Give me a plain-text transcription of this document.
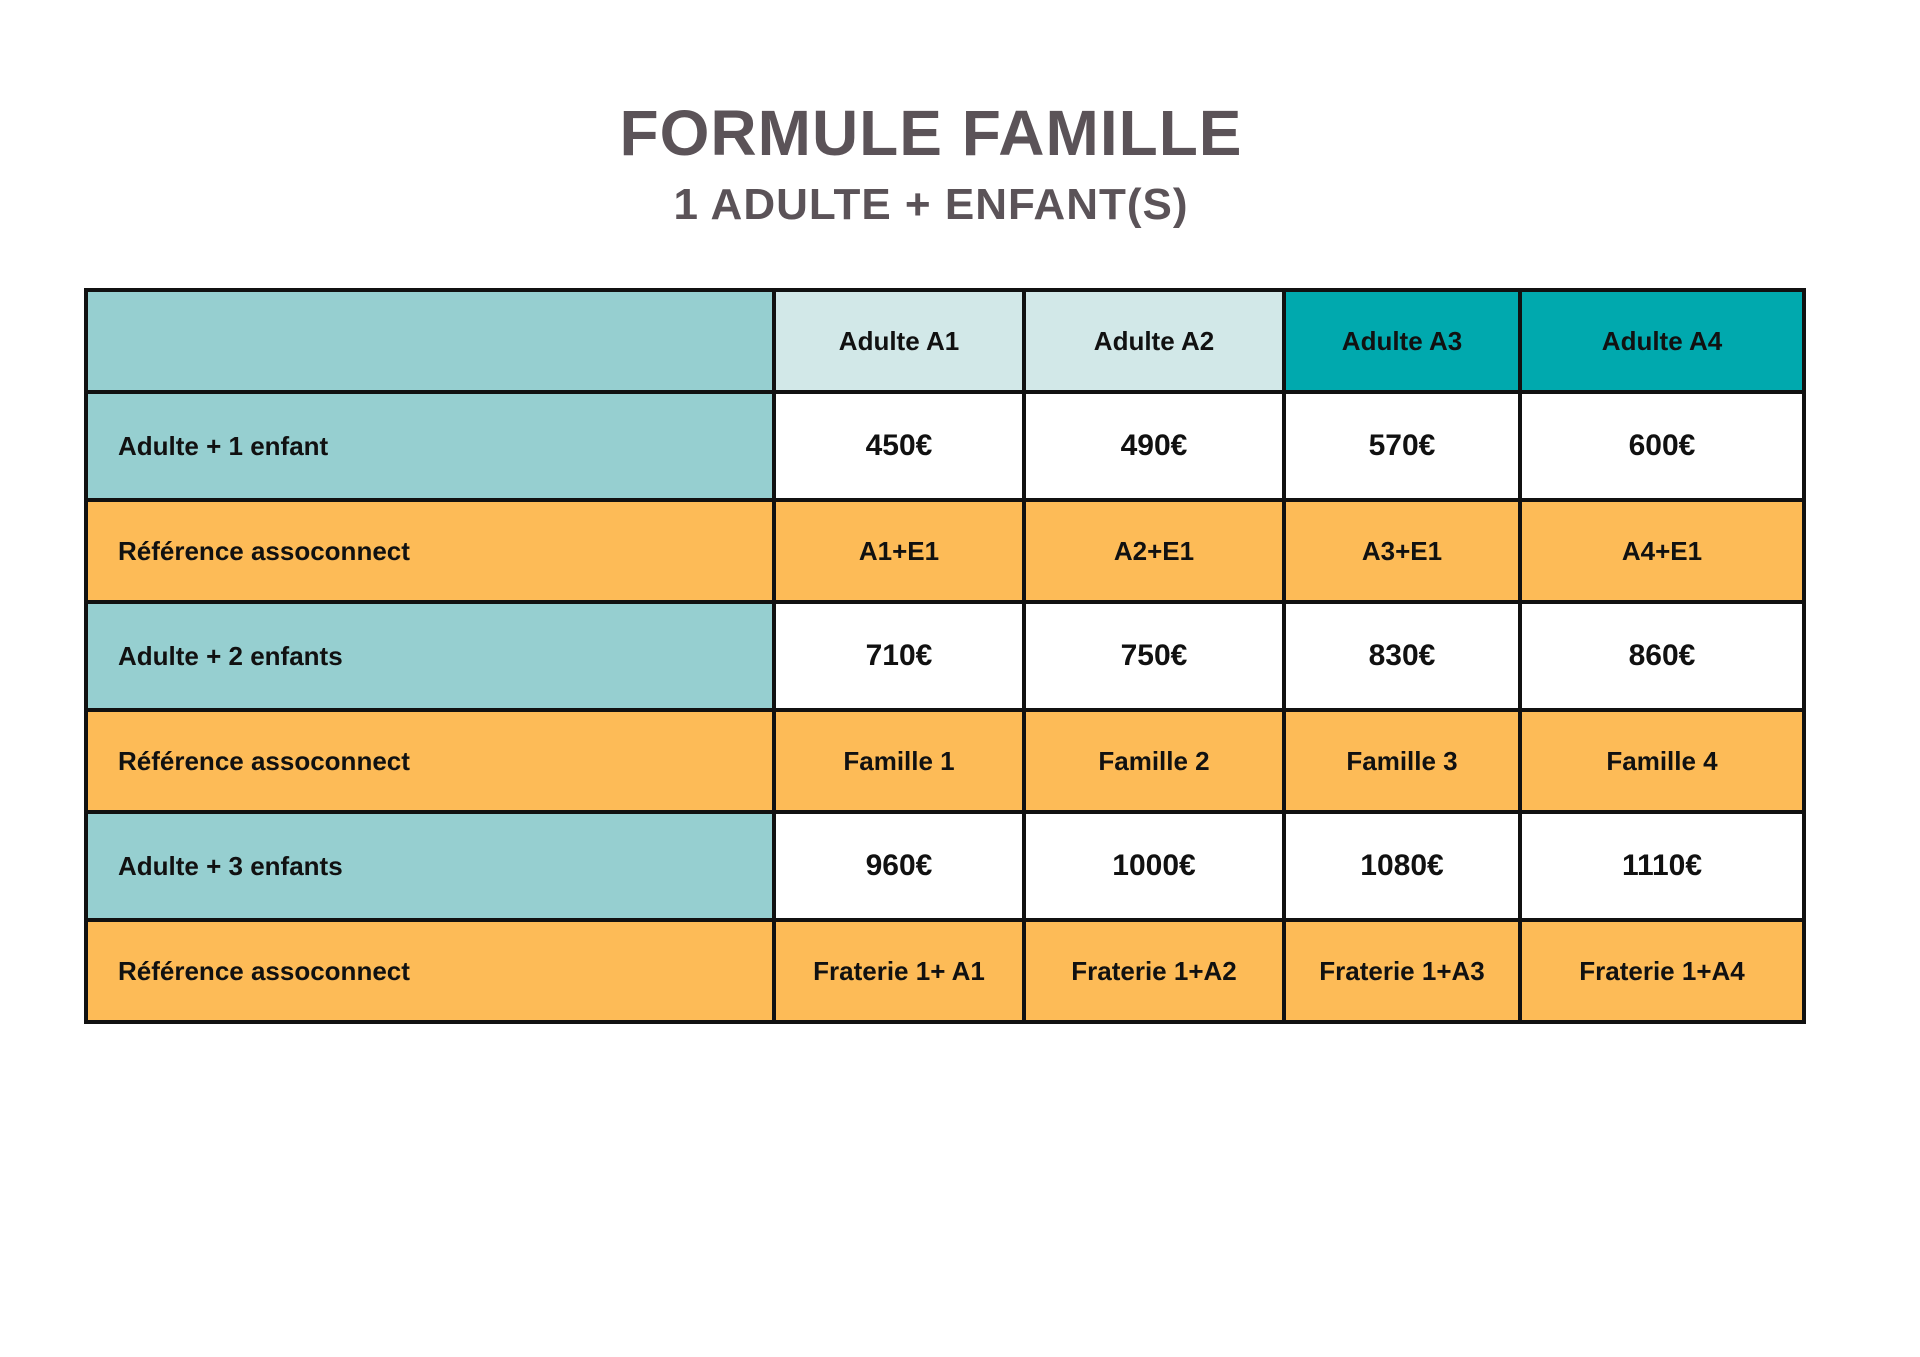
FORMULE FAMILLE
1 ADULTE + ENFANT(S)
	Adulte A1	Adulte A2	Adulte A3	Adulte A4
Adulte + 1 enfant	450€	490€	570€	600€
Référence assoconnect	A1+E1	A2+E1	A3+E1	A4+E1
Adulte + 2 enfants	710€	750€	830€	860€
Référence assoconnect	Famille 1	Famille 2	Famille 3	Famille 4
Adulte + 3 enfants	960€	1000€	1080€	1110€
Référence assoconnect	Fraterie 1+ A1	Fraterie 1+A2	Fraterie 1+A3	Fraterie 1+A4
